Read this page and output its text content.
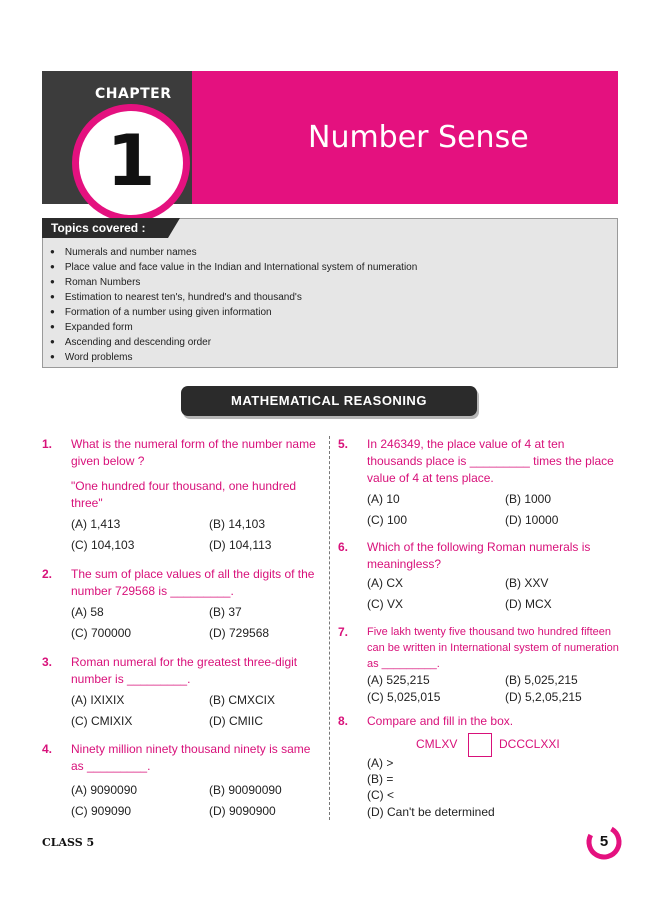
CHAPTER
1	Number Sense
Topics covered :
● Numerals and number names
● Place value and face value in the Indian and International system of numeration
● Roman Numbers
● Estimation to nearest ten's, hundred's and thousand's
● Formation of a number using given information
● Expanded form
● Ascending and descending order
● Word problems
MATHEMATICAL REASONING
1. What is the numeral form of the number name given below ?
"One hundred four thousand, one hundred three"
(A) 1,413	(B) 14,103
(C) 104,103	(D) 104,113
2. The sum of place values of all the digits of the number 729568 is _________.
(A) 58	(B) 37
(C) 700000	(D) 729568
3. Roman numeral for the greatest three-digit number is _________.
(A) IXIXIX	(B) CMXCIX
(C) CMIXIX	(D) CMIIC
4. Ninety million ninety thousand ninety is same as _________.
(A) 9090090	(B) 90090090
(C) 909090	(D) 9090900
5. In 246349, the place value of 4 at ten thousands place is _________ times the place value of 4 at tens place.
(A) 10	(B) 1000
(C) 100	(D) 10000
6. Which of the following Roman numerals is meaningless?
(A) CX	(B) XXV
(C) VX	(D) MCX
7. Five lakh twenty five thousand two hundred fifteen can be written in International system of numeration as _________.
(A) 525,215	(B) 5,025,215
(C) 5,025,015	(D) 5,2,05,215
8. Compare and fill in the box.
CMLXV	DCCCLXXI
(A) >
(B) =
(C) <
(D) Can't be determined
CLASS 5	5
